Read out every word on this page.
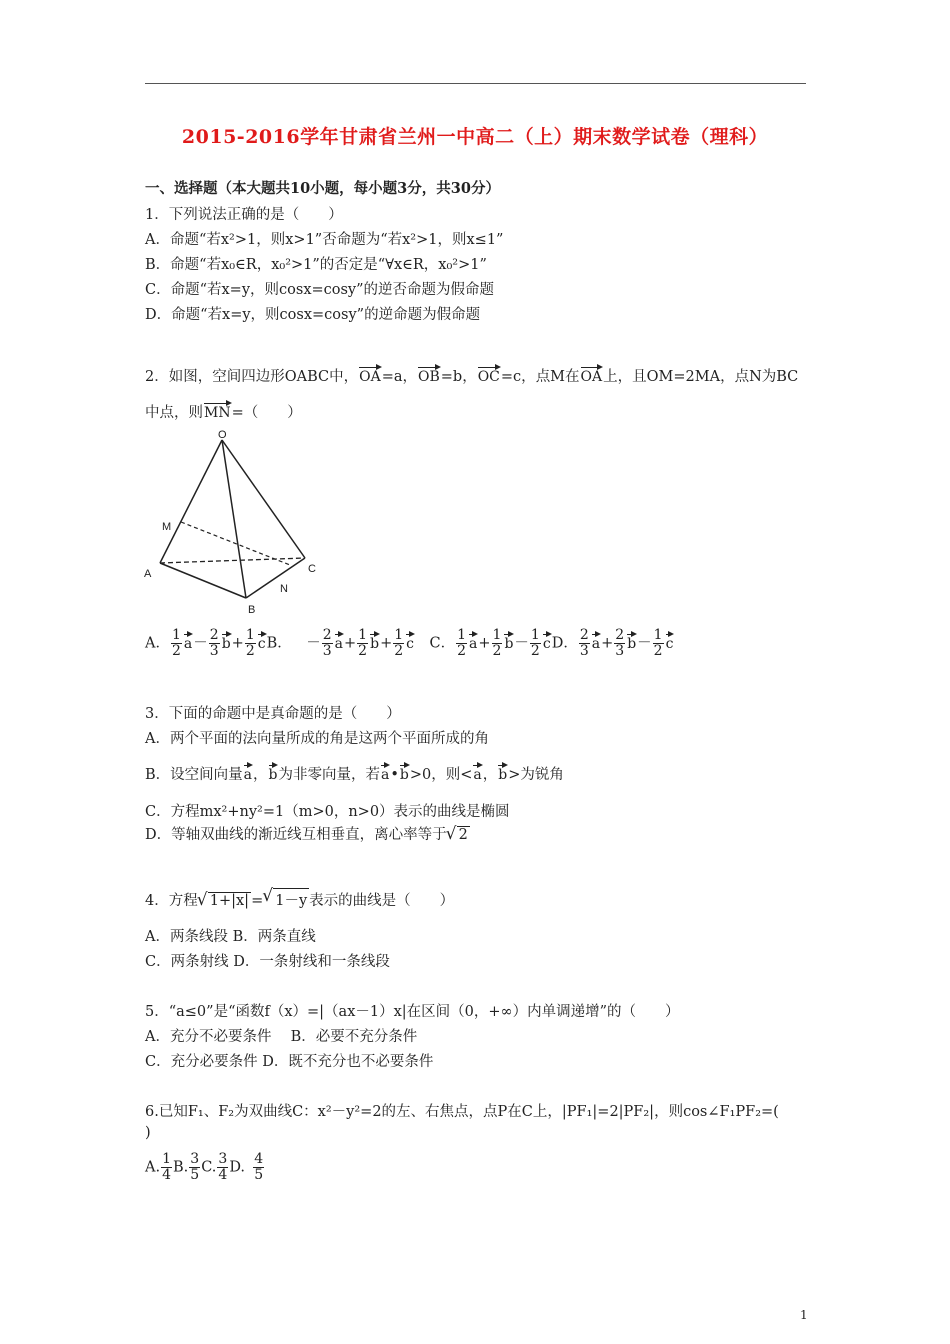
2015-2016学年甘肃省兰州一中高二（上）期末数学试卷（理科）
一、选择题（本大题共10小题，每小题3分，共30分）
1．下列说法正确的是（　　）
A．命题“若x²>1，则x>1”否命题为“若x²>1，则x≤1”
B．命题“若x₀∈R，x₀²>1”的否定是“∀x∈R，x₀²>1”
C．命题“若x=y，则cosx=cosy”的逆否命题为假命题
D．命题“若x=y，则cosx=cosy”的逆命题为假命题
2．如图，空间四边形OABC中，OA=a，OB=b，OC=c，点M在OA上，且OM=2MA，点N为BC
中点，则MN=（　　）
O
M
A
B
C
N
A． $\frac{1}{2} a- \frac{2}{3} b+ \frac{1}{2}$ cB．  － $\frac{2}{3} a+ \frac{1}{2} b+ \frac{1}{2}$ c  C． $\frac{1}{2} a+ \frac{1}{2} b- \frac{1}{2}$ cD． $\frac{2}{3} a+ \frac{2}{3} b- \frac{1}{2}$ c
3．下面的命题中是真命题的是（　　）
A．两个平面的法向量所成的角是这两个平面所成的角
B．设空间向量a，b为非零向量，若a•b>0，则<a，b>为锐角
C．方程mx²+ny²=1（m>0，n>0）表示的曲线是椭圆
D．等轴双曲线的渐近线互相垂直，离心率等于 √ 2
4．方程 √ 1+|x| = √ 1－y 表示的曲线是（　　）
A．两条线段 B．两条直线
C．两条射线 D．一条射线和一条线段
5．“a≤0”是“函数f（x）=|（ax－1）x|在区间（0，+∞）内单调递增”的（　　）
A．充分不必要条件　 B．必要不充分条件
C．充分必要条件 D．既不充分也不必要条件
6.已知F₁、F₂为双曲线C：x²－y²=2的左、右焦点，点P在C上，|PF₁|=2|PF₂|，则cos∠F₁PF₂=(
)
A. $\frac{1}{4} B$. $\frac{3}{5} C$. $\frac{3}{4} D$.  $\frac{4}{5}$
1
